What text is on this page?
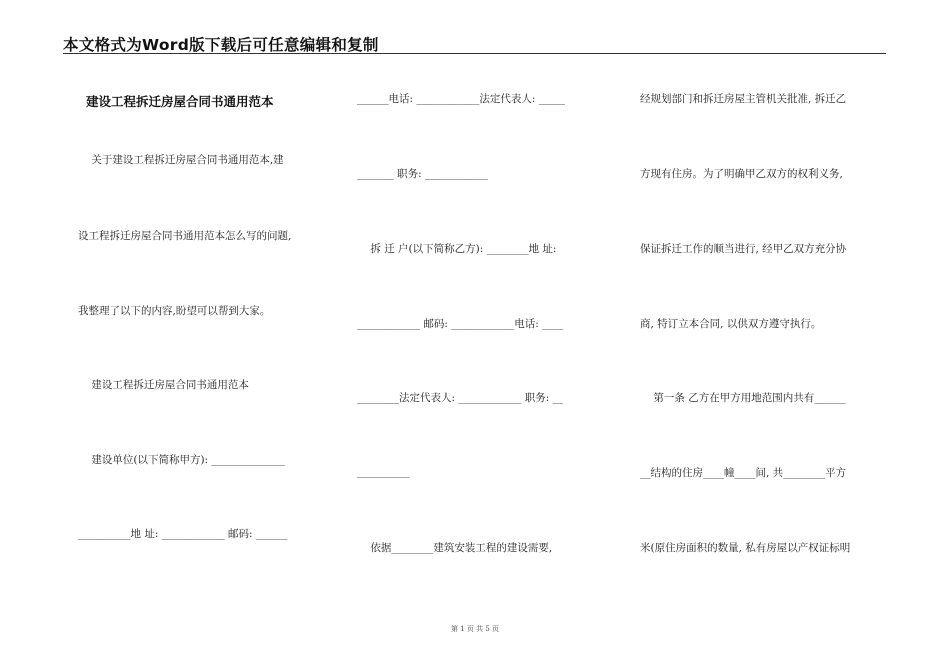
本文格式为Word版下载后可任意编辑和复制
建设工程拆迁房屋合同书通用范本
关于建设工程拆迁房屋合同书通用范本,建
设工程拆迁房屋合同书通用范本怎么写的问题,
我整理了以下的内容,盼望可以帮到大家。
建设工程拆迁房屋合同书通用范本
建设单位(以下简称甲方): ______________
__________地 址: ____________ 邮码: ______
______电话: ____________法定代表人: _____
_______ 职务: ____________
拆 迁 户(以下简称乙方): ________地 址:
____________ 邮码: ____________电话: ____
________法定代表人: ____________ 职务: __
__________
依据________建筑安装工程的建设需要,
经规划部门和拆迁房屋主管机关批准, 拆迁乙
方现有住房。为了明确甲乙双方的权利义务,
保证拆迁工作的顺当进行, 经甲乙双方充分协
商, 特订立本合同, 以供双方遵守执行。
第一条 乙方在甲方用地范围内共有______
__结构的住房____幢____间, 共________平方
米(原住房面积的数量, 私有房屋以产权证标明
第 1 页 共 5 页
